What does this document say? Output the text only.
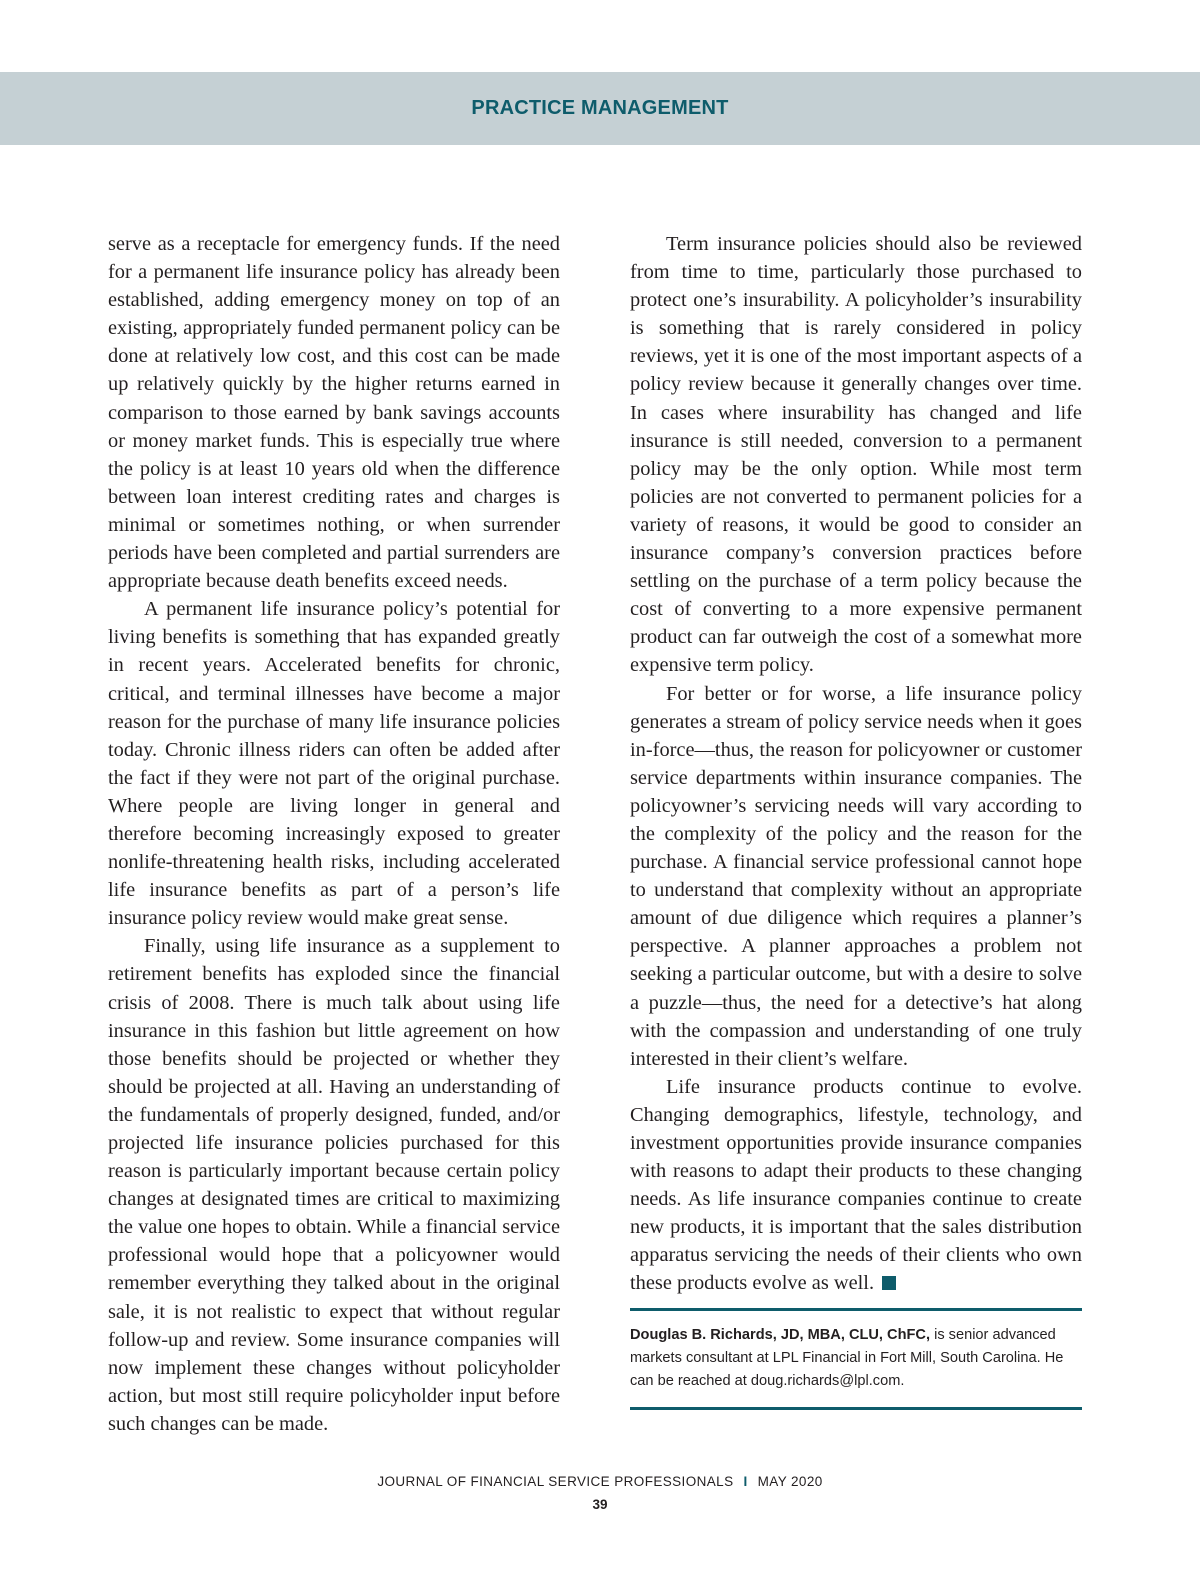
PRACTICE MANAGEMENT

serve as a receptacle for emergency funds. If the need for a permanent life insurance policy has already been established, adding emergency money on top of an existing, appropriately funded permanent policy can be done at relatively low cost, and this cost can be made up relatively quickly by the higher returns earned in comparison to those earned by bank savings accounts or money market funds. This is especially true where the policy is at least 10 years old when the difference between loan interest crediting rates and charges is minimal or sometimes nothing, or when surrender periods have been completed and partial surrenders are appropriate because death benefits exceed needs.

A permanent life insurance policy’s potential for living benefits is something that has expanded greatly in recent years. Accelerated benefits for chronic, critical, and terminal illnesses have become a major reason for the purchase of many life insurance policies today. Chronic illness riders can often be added after the fact if they were not part of the original purchase. Where people are living longer in general and therefore becoming increasingly exposed to greater nonlife-threatening health risks, including accelerated life insurance benefits as part of a person’s life insurance policy review would make great sense.

Finally, using life insurance as a supplement to retirement benefits has exploded since the financial crisis of 2008. There is much talk about using life insurance in this fashion but little agreement on how those benefits should be projected or whether they should be projected at all. Having an understanding of the fundamentals of properly designed, funded, and/or projected life insurance policies purchased for this reason is particularly important because certain policy changes at designated times are critical to maximizing the value one hopes to obtain. While a financial service professional would hope that a policyowner would remember everything they talked about in the original sale, it is not realistic to expect that without regular follow-up and review. Some insurance companies will now implement these changes without policyholder action, but most still require policyholder input before such changes can be made.

Term insurance policies should also be reviewed from time to time, particularly those purchased to protect one’s insurability. A policyholder’s insurability is something that is rarely considered in policy reviews, yet it is one of the most important aspects of a policy review because it generally changes over time. In cases where insurability has changed and life insurance is still needed, conversion to a permanent policy may be the only option. While most term policies are not converted to permanent policies for a variety of reasons, it would be good to consider an insurance company’s conversion practices before settling on the purchase of a term policy because the cost of converting to a more expensive permanent product can far outweigh the cost of a somewhat more expensive term policy.

For better or for worse, a life insurance policy generates a stream of policy service needs when it goes in-force—thus, the reason for policyowner or customer service departments within insurance companies. The policyowner’s servicing needs will vary according to the complexity of the policy and the reason for the purchase. A financial service professional cannot hope to understand that complexity without an appropriate amount of due diligence which requires a planner’s perspective. A planner approaches a problem not seeking a particular outcome, but with a desire to solve a puzzle—thus, the need for a detective’s hat along with the compassion and understanding of one truly interested in their client’s welfare.

Life insurance products continue to evolve. Changing demographics, lifestyle, technology, and investment opportunities provide insurance companies with reasons to adapt their products to these changing needs. As life insurance companies continue to create new products, it is important that the sales distribution apparatus servicing the needs of their clients who own these products evolve as well.

Douglas B. Richards, JD, MBA, CLU, ChFC, is senior advanced markets consultant at LPL Financial in Fort Mill, South Carolina. He can be reached at doug.richards@lpl.com.
JOURNAL OF FINANCIAL SERVICE PROFESSIONALS I MAY 2020
39
